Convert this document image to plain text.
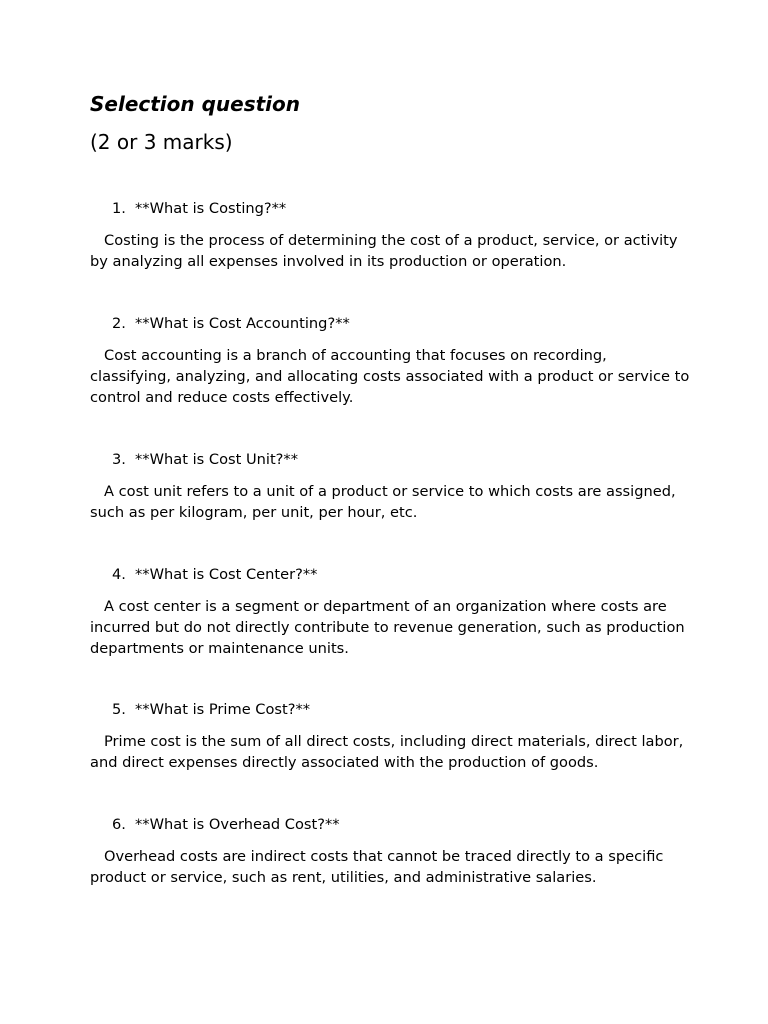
Selection question

(2 or 3 marks)

1. **What is Costing?**

Costing is the process of determining the cost of a product, service, or activity by analyzing all expenses involved in its production or operation.

2. **What is Cost Accounting?**

Cost accounting is a branch of accounting that focuses on recording, classifying, analyzing, and allocating costs associated with a product or service to control and reduce costs effectively.

3. **What is Cost Unit?**

A cost unit refers to a unit of a product or service to which costs are assigned, such as per kilogram, per unit, per hour, etc.

4. **What is Cost Center?**

A cost center is a segment or department of an organization where costs are incurred but do not directly contribute to revenue generation, such as production departments or maintenance units.

5. **What is Prime Cost?**

Prime cost is the sum of all direct costs, including direct materials, direct labor, and direct expenses directly associated with the production of goods.

6. **What is Overhead Cost?**

Overhead costs are indirect costs that cannot be traced directly to a specific product or service, such as rent, utilities, and administrative salaries.
